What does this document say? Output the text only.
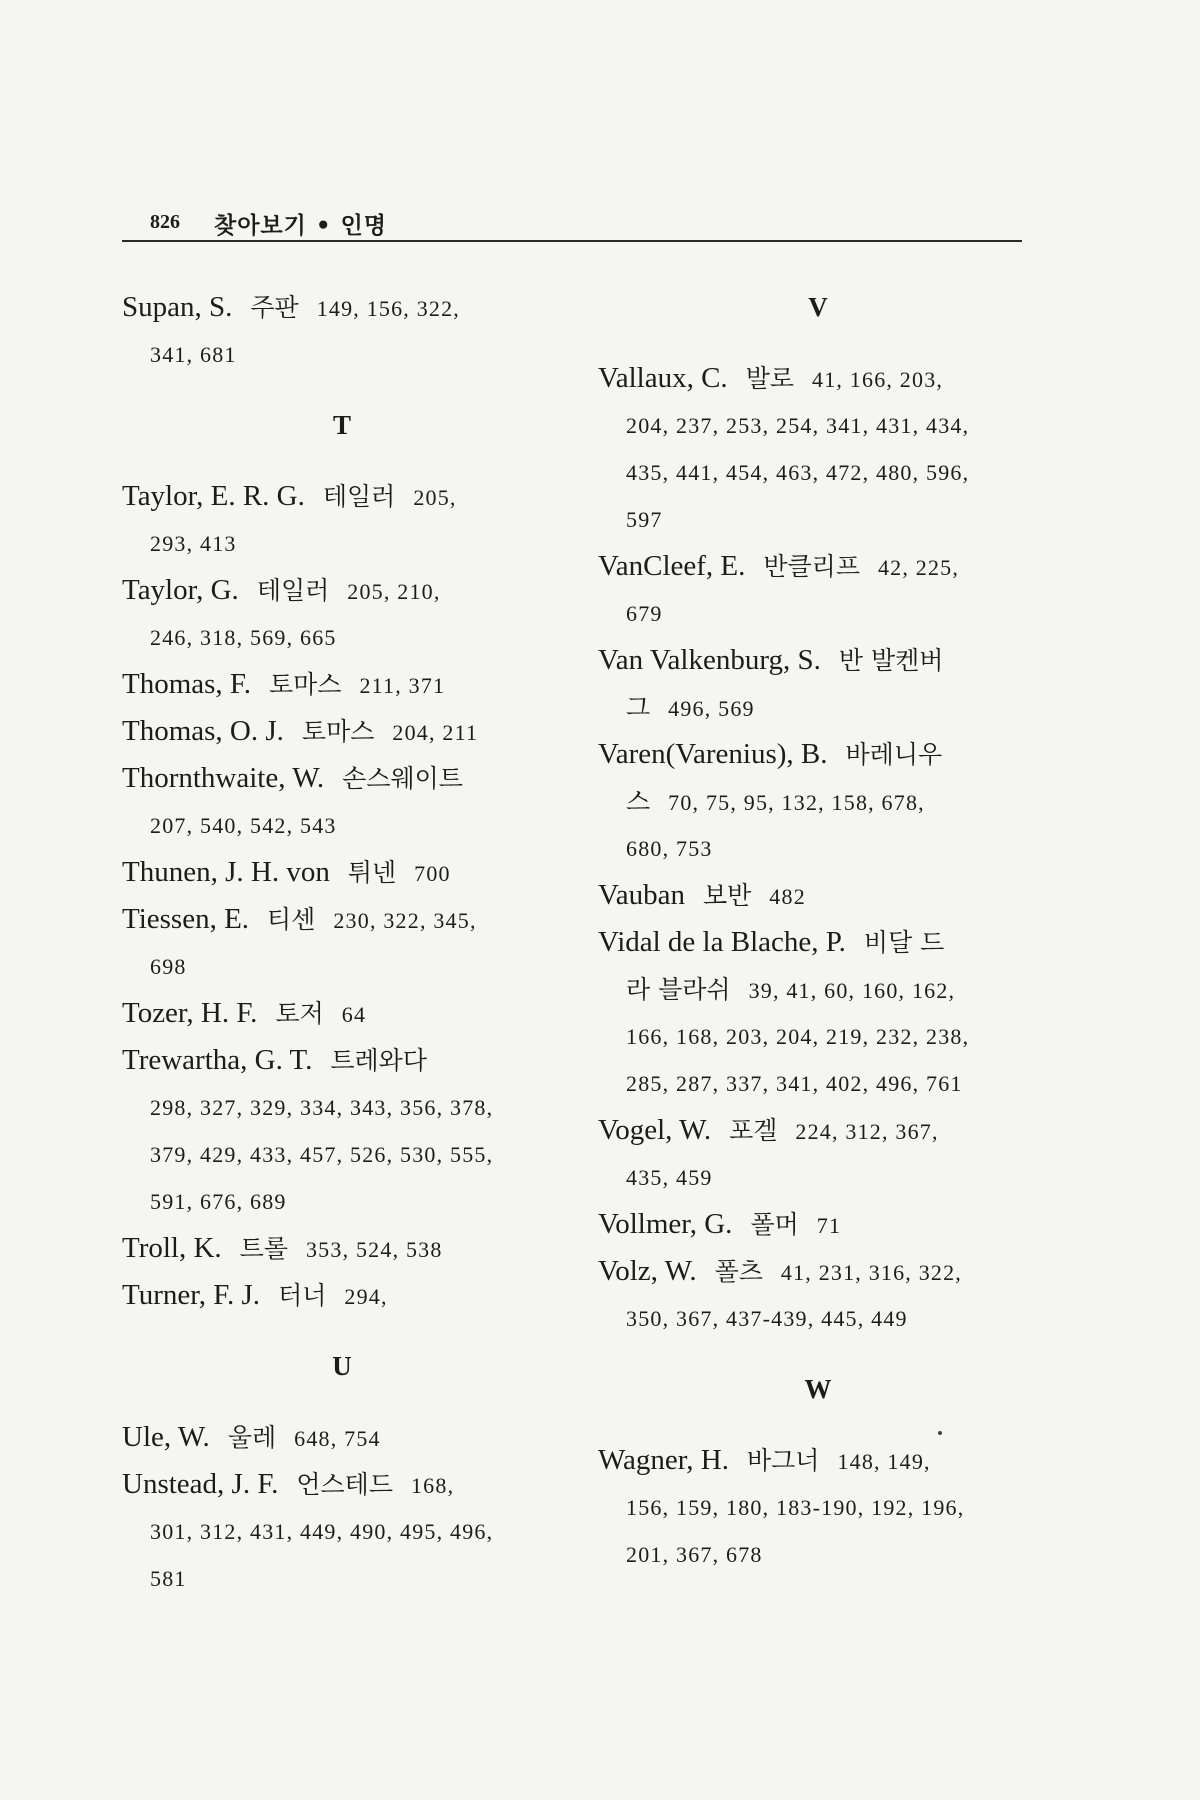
826 찾아보기 • 인명
Supan, S. 주판 149, 156, 322,
341, 681
T
Taylor, E. R. G. 테일러 205,
293, 413
Taylor, G. 테일러 205, 210,
246, 318, 569, 665
Thomas, F. 토마스 211, 371
Thomas, O. J. 토마스 204, 211
Thornthwaite, W. 손스웨이트
207, 540, 542, 543
Thunen, J. H. von 튀넨 700
Tiessen, E. 티센 230, 322, 345,
698
Tozer, H. F. 토저 64
Trewartha, G. T. 트레와다
298, 327, 329, 334, 343, 356, 378,
379, 429, 433, 457, 526, 530, 555,
591, 676, 689
Troll, K. 트롤 353, 524, 538
Turner, F. J. 터너 294,
U
Ule, W. 울레 648, 754
Unstead, J. F. 언스테드 168,
301, 312, 431, 449, 490, 495, 496,
581
V
Vallaux, C. 발로 41, 166, 203,
204, 237, 253, 254, 341, 431, 434,
435, 441, 454, 463, 472, 480, 596,
597
VanCleef, E. 반클리프 42, 225,
679
Van Valkenburg, S. 반 발켄버
그 496, 569
Varen(Varenius), B. 바레니우
스 70, 75, 95, 132, 158, 678,
680, 753
Vauban 보반 482
Vidal de la Blache, P. 비달 드
라 블라쉬 39, 41, 60, 160, 162,
166, 168, 203, 204, 219, 232, 238,
285, 287, 337, 341, 402, 496, 761
Vogel, W. 포겔 224, 312, 367,
435, 459
Vollmer, G. 폴머 71
Volz, W. 폴츠 41, 231, 316, 322,
350, 367, 437-439, 445, 449
W
Wagner, H. 바그너 148, 149,
156, 159, 180, 183-190, 192, 196,
201, 367, 678
